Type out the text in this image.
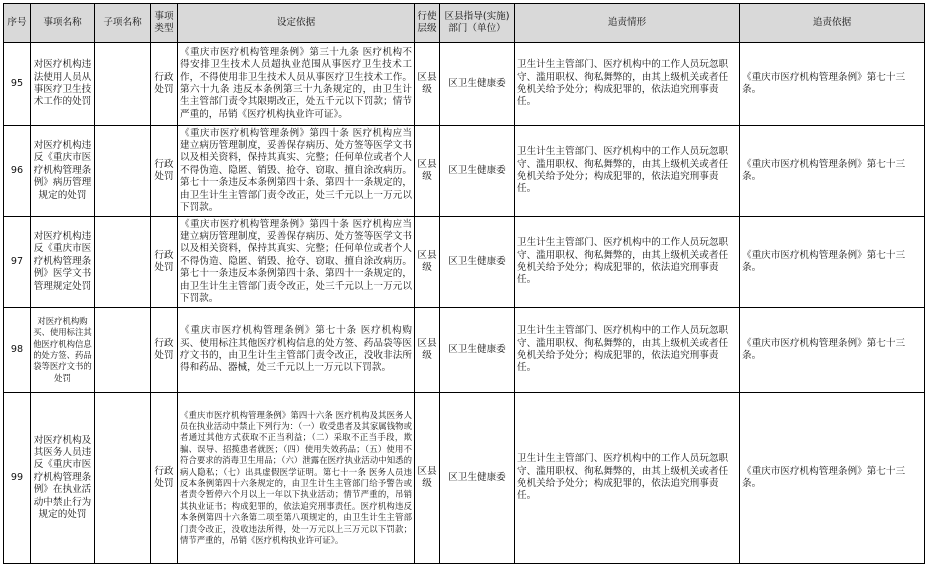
序号	事项名称	子项名称	事项类型	设定依据	行使层级	区县指导(实施)部门（单位）	追责情形	追责依据
95	对医疗机构违法使用人员从事医疗卫生技术工作的处罚		行政处罚	《重庆市医疗机构管理条例》第三十九条 医疗机构不得安排卫生技术人员超执业范围从事医疗卫生技术工作，不得使用非卫生技术人员从事医疗卫生技术工作。第六十九条 违反本条例第三十九条规定的，由卫生计生主管部门责令其限期改正，处五千元以下罚款；情节严重的，吊销《医疗机构执业许可证》。	区县级	区卫生健康委	卫生计生主管部门、医疗机构中的工作人员玩忽职守、滥用职权、徇私舞弊的，由其上级机关或者任免机关给予处分；构成犯罪的，依法追究刑事责任。	《重庆市医疗机构管理条例》第七十三条。
96	对医疗机构违反《重庆市医疗机构管理条例》病历管理规定的处罚		行政处罚	《重庆市医疗机构管理条例》第四十条 医疗机构应当建立病历管理制度，妥善保存病历、处方签等医学文书以及相关资料，保持其真实、完整；任何单位或者个人不得伪造、隐匿、销毁、抢夺、窃取、擅自涂改病历。第七十一条违反本条例第四十条、第四十一条规定的，由卫生计生主管部门责令改正，处三千元以上一万元以下罚款。	区县级	区卫生健康委	卫生计生主管部门、医疗机构中的工作人员玩忽职守、滥用职权、徇私舞弊的，由其上级机关或者任免机关给予处分；构成犯罪的，依法追究刑事责任。	《重庆市医疗机构管理条例》第七十三条。
97	对医疗机构违反《重庆市医疗机构管理条例》医学文书管理规定处罚		行政处罚	《重庆市医疗机构管理条例》第四十条 医疗机构应当建立病历管理制度，妥善保存病历、处方签等医学文书以及相关资料，保持其真实、完整；任何单位或者个人不得伪造、隐匿、销毁、抢夺、窃取、擅自涂改病历。第七十一条违反本条例第四十条、第四十一条规定的，由卫生计生主管部门责令改正，处三千元以上一万元以下罚款。	区县级	区卫生健康委	卫生计生主管部门、医疗机构中的工作人员玩忽职守、滥用职权、徇私舞弊的，由其上级机关或者任免机关给予处分；构成犯罪的，依法追究刑事责任。	《重庆市医疗机构管理条例》第七十三条。
98	对医疗机构购买、使用标注其他医疗机构信息的处方签、药品袋等医疗文书的处罚		行政处罚	《重庆市医疗机构管理条例》第七十条 医疗机构购买、使用标注其他医疗机构信息的处方签、药品袋等医疗文书的，由卫生计生主管部门责令改正，没收非法所得和药品、器械，处三千元以上一万元以下罚款。	区县级	区卫生健康委	卫生计生主管部门、医疗机构中的工作人员玩忽职守、滥用职权、徇私舞弊的，由其上级机关或者任免机关给予处分；构成犯罪的，依法追究刑事责任。	《重庆市医疗机构管理条例》第七十三条。
99	对医疗机构及其医务人员违反《重庆市医疗机构管理条例》在执业活动中禁止行为规定的处罚		行政处罚	《重庆市医疗机构管理条例》第四十六条 医疗机构及其医务人员在执业活动中禁止下列行为：（一）收受患者及其家属钱物或者通过其他方式获取不正当利益；（二）采取不正当手段，欺骗、误导、招揽患者就医；（四）使用失效药品；（五）使用不符合要求的消毒卫生用品；（六）泄露在医疗执业活动中知悉的病人隐私；（七）出具虚假医学证明。第七十一条 医务人员违反本条例第四十六条规定的，由卫生计生主管部门给予警告或者责令暂停六个月以上一年以下执业活动；情节严重的，吊销其执业证书；构成犯罪的，依法追究刑事责任。医疗机构违反本条例第四十六条第二项至第八项规定的，由卫生计生主管部门责令改正，没收违法所得，处一万元以上三万元以下罚款；情节严重的，吊销《医疗机构执业许可证》。	区县级	区卫生健康委	卫生计生主管部门、医疗机构中的工作人员玩忽职守、滥用职权、徇私舞弊的，由其上级机关或者任免机关给予处分；构成犯罪的，依法追究刑事责任。	《重庆市医疗机构管理条例》第七十三条。
